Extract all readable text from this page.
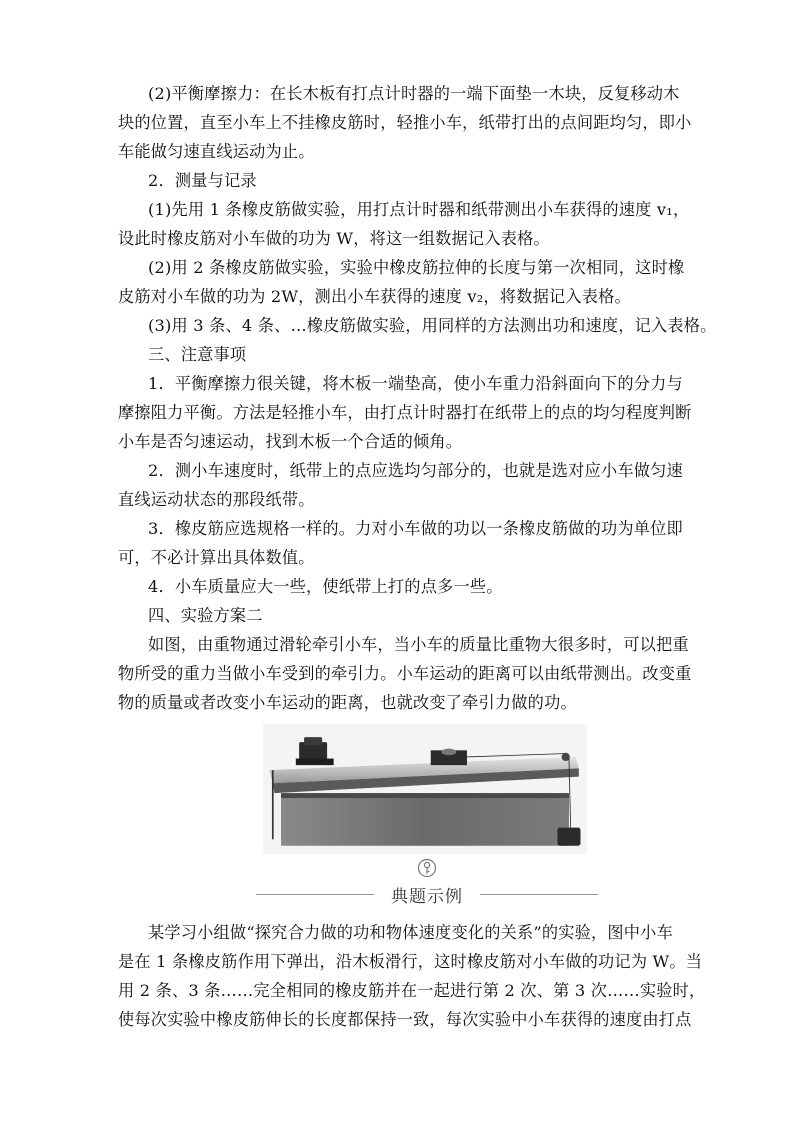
(2)平衡摩擦力：在长木板有打点计时器的一端下面垫一木块，反复移动木
块的位置，直至小车上不挂橡皮筋时，轻推小车，纸带打出的点间距均匀，即小
车能做匀速直线运动为止。
2．测量与记录
(1)先用 1 条橡皮筋做实验，用打点计时器和纸带测出小车获得的速度 v₁，
设此时橡皮筋对小车做的功为 W，将这一组数据记入表格。
(2)用 2 条橡皮筋做实验，实验中橡皮筋拉伸的长度与第一次相同，这时橡
皮筋对小车做的功为 2W，测出小车获得的速度 v₂，将数据记入表格。
(3)用 3 条、4 条、…橡皮筋做实验，用同样的方法测出功和速度，记入表格。
三、注意事项
1．平衡摩擦力很关键，将木板一端垫高，使小车重力沿斜面向下的分力与
摩擦阻力平衡。方法是轻推小车，由打点计时器打在纸带上的点的均匀程度判断
小车是否匀速运动，找到木板一个合适的倾角。
2．测小车速度时，纸带上的点应选均匀部分的，也就是选对应小车做匀速
直线运动状态的那段纸带。
3．橡皮筋应选规格一样的。力对小车做的功以一条橡皮筋做的功为单位即
可，不必计算出具体数值。
4．小车质量应大一些，使纸带上打的点多一些。
四、实验方案二
如图，由重物通过滑轮牵引小车，当小车的质量比重物大很多时，可以把重
物所受的重力当做小车受到的牵引力。小车运动的距离可以由纸带测出。改变重
典题示例
某学习小组做“探究合力做的功和物体速度变化的关系”的实验，图中小车
是在 1 条橡皮筋作用下弹出，沿木板滑行，这时橡皮筋对小车做的功记为 W。当
用 2 条、3 条……完全相同的橡皮筋并在一起进行第 2 次、第 3 次……实验时，
使每次实验中橡皮筋伸长的长度都保持一致，每次实验中小车获得的速度由打点
物的质量或者改变小车运动的距离，也就改变了牵引力做的功。
